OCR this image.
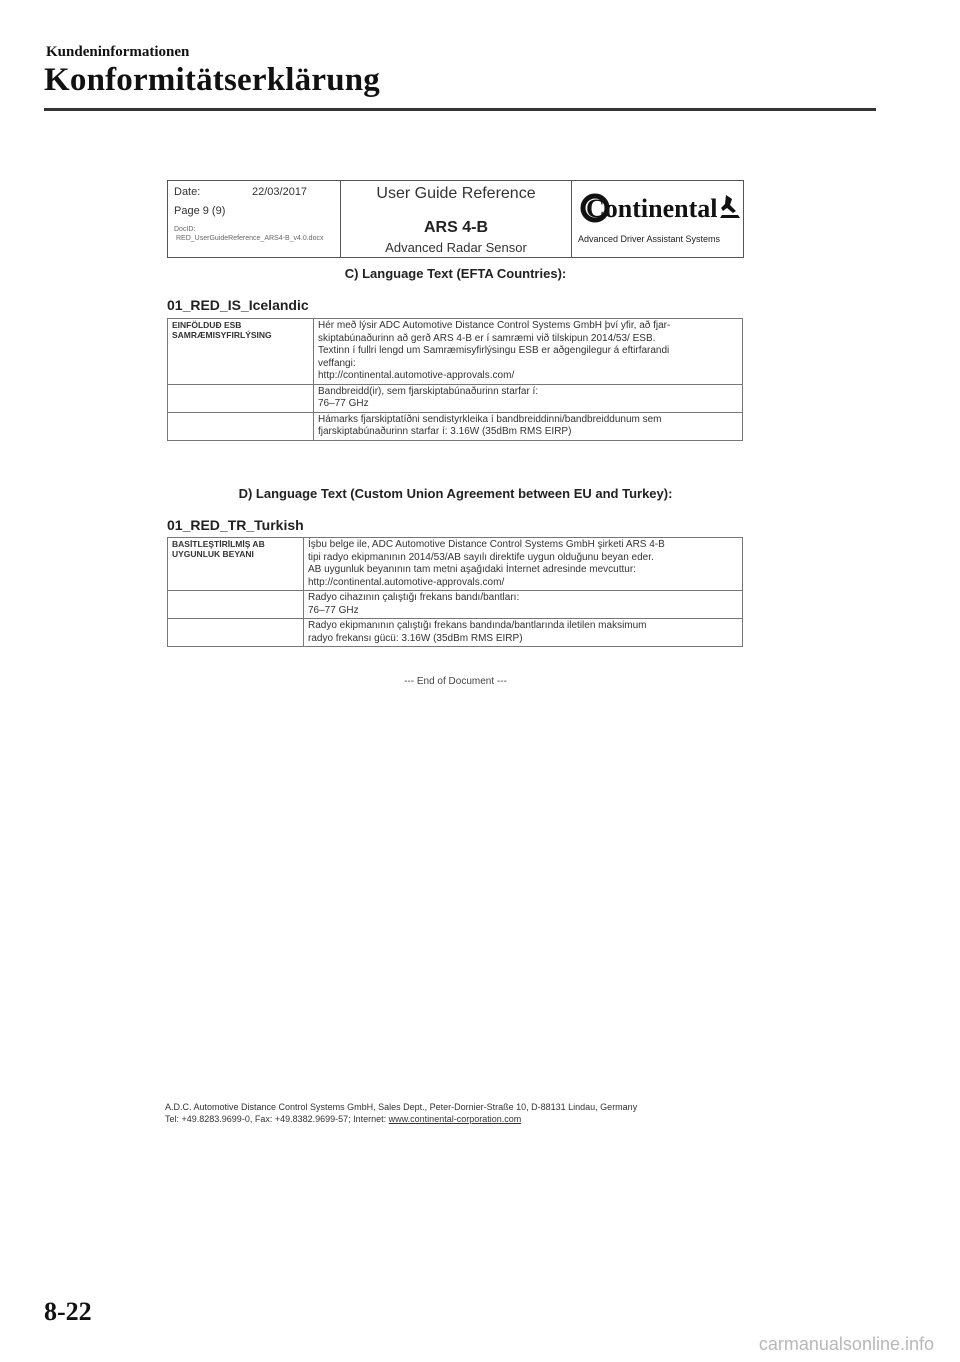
Kundeninformationen
Konformitätserklärung
Date:	22/03/2017
Page 9 (9)
DocID:
RED_UserGuideReference_ARS4-B_v4.0.docx
User Guide Reference
ARS 4-B
Advanced Radar Sensor
Continental
Advanced Driver Assistant Systems
C) Language Text (EFTA Countries):
01_RED_IS_Icelandic
EINFÖLDUÐ ESB
SAMRÆMISYFIRLÝSING	Hér með lýsir ADC Automotive Distance Control Systems GmbH því yfir, að fjar-
skiptabúnaðurinn að gerð ARS 4-B er í samræmi við tilskipun 2014/53/ ESB.
Textinn í fullri lengd um Samræmisyfirlýsingu ESB er aðgengilegur á eftirfarandi
veffangi:
http://continental.automotive-approvals.com/
	Bandbreidd(ir), sem fjarskiptabúnaðurinn starfar í:
76–77 GHz
	Hámarks fjarskiptatíðni sendistyrkleika í bandbreiddinni/bandbreiddunum sem
fjarskiptabúnaðurinn starfar í: 3.16W (35dBm RMS EIRP)
D) Language Text (Custom Union Agreement between EU and Turkey):
01_RED_TR_Turkish
BASİTLEŞTİRİLMİŞ AB
UYGUNLUK BEYANI	İşbu belge ile, ADC Automotive Distance Control Systems GmbH şirketi ARS 4-B
tipi radyo ekipmanının 2014/53/AB sayılı direktife uygun olduğunu beyan eder.
AB uygunluk beyanının tam metni aşağıdaki İnternet adresinde mevcuttur:
http://continental.automotive-approvals.com/
	Radyo cihazının çalıştığı frekans bandı/bantları:
76–77 GHz
	Radyo ekipmanının çalıştığı frekans bandında/bantlarında iletilen maksimum
radyo frekansı gücü: 3.16W (35dBm RMS EIRP)
--- End of Document ---
A.D.C. Automotive Distance Control Systems GmbH, Sales Dept., Peter-Dornier-Straße 10, D-88131 Lindau, Germany
Tel: +49.8283.9699-0, Fax: +49.8382.9699-57; Internet: www.continental-corporation.com
8-22
carmanualsonline.info
